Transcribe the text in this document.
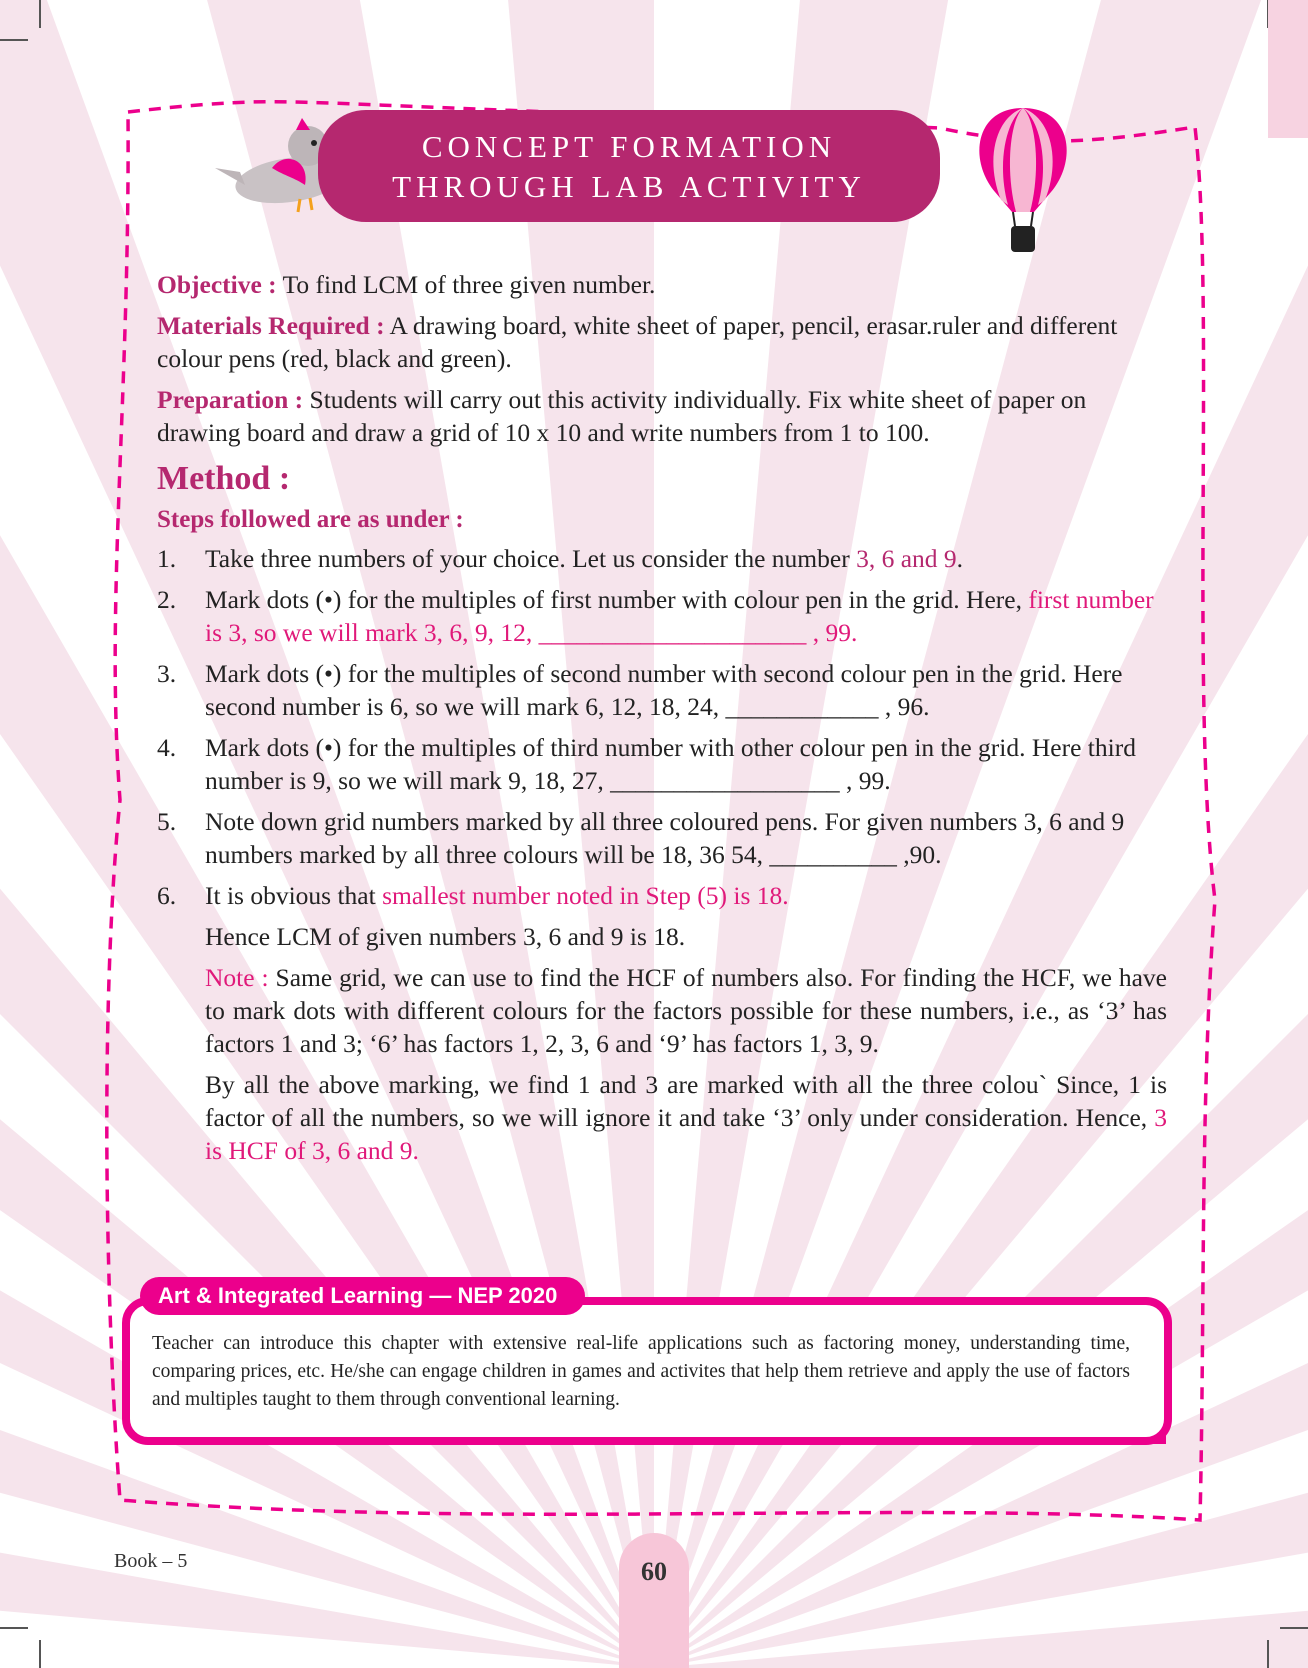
CONCEPT FORMATION
THROUGH LAB ACTIVITY

Objective : To find LCM of three given number.

Materials Required : A drawing board, white sheet of paper, pencil, erasar.ruler and different colour pens (red, black and green).

Preparation : Students will carry out this activity individually. Fix white sheet of paper on drawing board and draw a grid of 10 x 10 and write numbers from 1 to 100.

Method :
Steps followed are as under :
1. Take three numbers of your choice. Let us consider the number 3, 6 and 9.
2. Mark dots (•) for the multiples of first number with colour pen in the grid. Here, first number is 3, so we will mark 3, 6, 9, 12, _____________________ , 99.
3. Mark dots (•) for the multiples of second number with second colour pen in the grid. Here second number is 6, so we will mark 6, 12, 18, 24, ____________ , 96.
4. Mark dots (•) for the multiples of third number with other colour pen in the grid. Here third number is 9, so we will mark 9, 18, 27, __________________ , 99.
5. Note down grid numbers marked by all three coloured pens. For given numbers 3, 6 and 9 numbers marked by all three colours will be 18, 36 54, __________ ,90.
6. It is obvious that smallest number noted in Step (5) is 18.

Hence LCM of given numbers 3, 6 and 9 is 18.

Note : Same grid, we can use to find the HCF of numbers also. For finding the HCF, we have to mark dots with different colours for the factors possible for these numbers, i.e., as ‘3’ has factors 1 and 3; ‘6’ has factors 1, 2, 3, 6 and ‘9’ has factors 1, 3, 9.

By all the above marking, we find 1 and 3 are marked with all the three colou` Since, 1 is factor of all the numbers, so we will ignore it and take ‘3’ only under consideration. Hence, 3 is HCF of 3, 6 and 9.

Art & Integrated Learning — NEP 2020
Teacher can introduce this chapter with extensive real-life applications such as factoring money, understanding time, comparing prices, etc. He/she can engage children in games and activites that help them retrieve and apply the use of factors and multiples taught to them through conventional learning.
Book – 5	60
